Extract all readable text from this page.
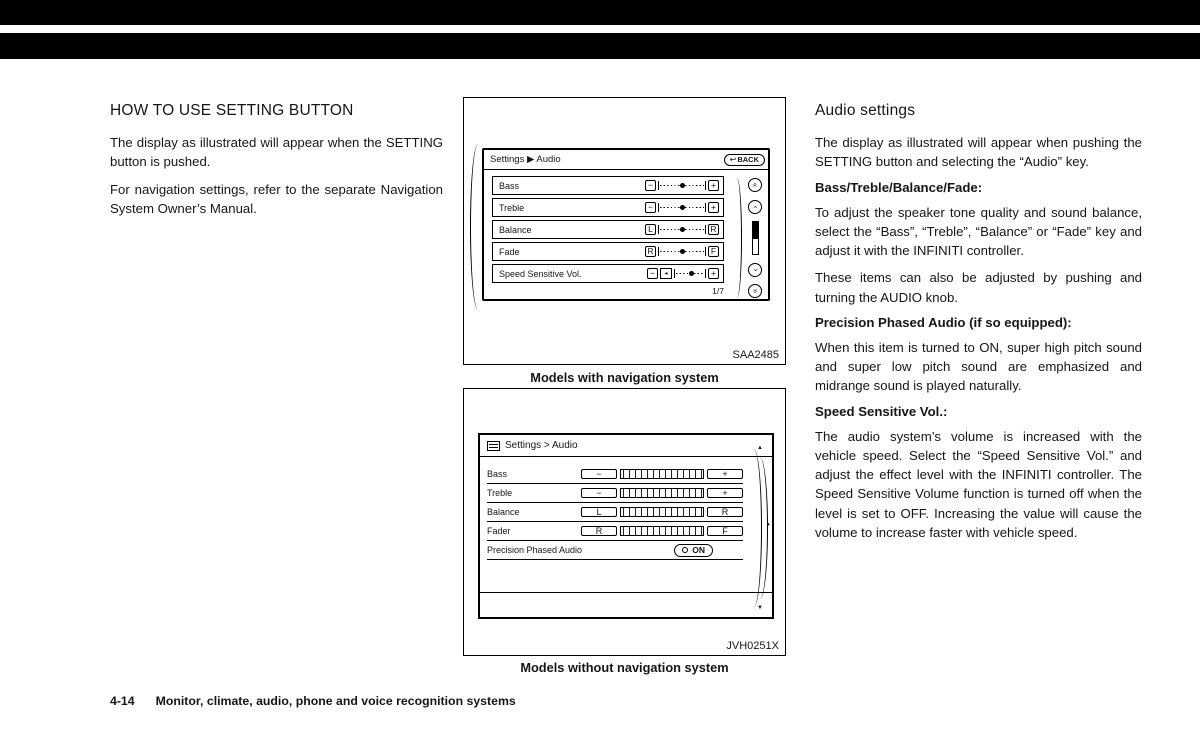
HOW TO USE SETTING BUTTON

The display as illustrated will appear when the SETTING button is pushed.

For navigation settings, refer to the separate Navigation System Owner’s Manual.

Settings ▶ Audio	↩ BACK
Bass	−	+
Treble	−	+
Balance	L	R
Fade	R	F
Speed Sensitive Vol.	−	◂	+
1/7
»
›
›
»
SAA2485
Models with navigation system
Settings > Audio
Bass	−	+
Treble	−	+
Balance	L	R
Fader	R	F
Precision Phased Audio	ON
▲
●
▼
JVH0251X
Models without navigation system
Audio settings

The display as illustrated will appear when pushing the SETTING button and selecting the “Audio” key.

Bass/Treble/Balance/Fade:

To adjust the speaker tone quality and sound balance, select the “Bass”, “Treble”, “Balance” or “Fade” key and adjust it with the INFINITI controller.

These items can also be adjusted by pushing and turning the AUDIO knob.

Precision Phased Audio (if so equipped):

When this item is turned to ON, super high pitch sound and super low pitch sound are emphasized and midrange sound is played naturally.

Speed Sensitive Vol.:

The audio system’s volume is increased with the vehicle speed. Select the “Speed Sensitive Vol.” and adjust the effect level with the INFINITI controller. The Speed Sensitive Volume function is turned off when the level is set to OFF. Increasing the value will cause the volume to increase faster with vehicle speed.

4-14 Monitor, climate, audio, phone and voice recognition systems
